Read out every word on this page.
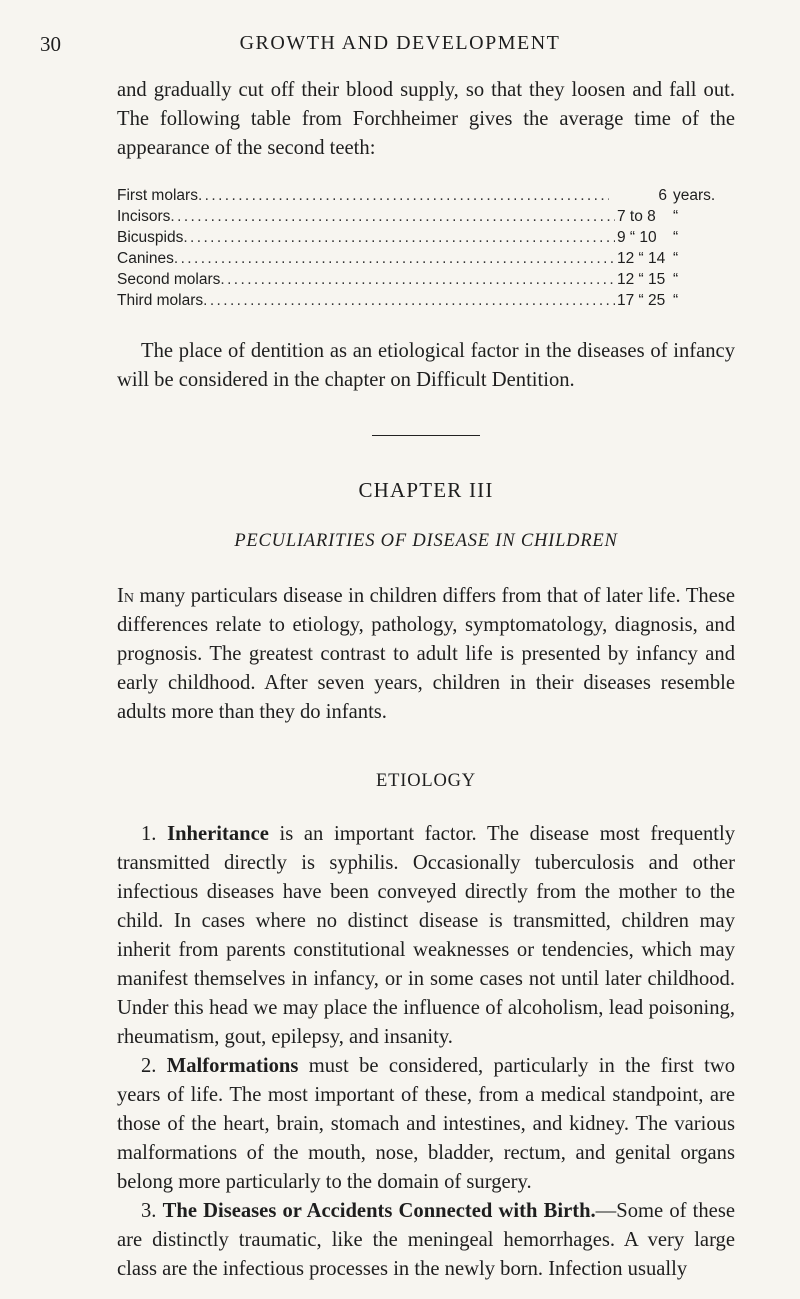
30	GROWTH AND DEVELOPMENT

and gradually cut off their blood supply, so that they loosen and fall out. The following table from Forchheimer gives the average time of the appearance of the second teeth:

First molars .....	6 years.
Incisors .....	7 to 8	“
Bicuspids .....	9 “ 10	“
Canines .....	12 “ 14 “
Second molars .....	12 “ 15 “
Third molars .....	17 “ 25 “

The place of dentition as an etiological factor in the diseases of infancy will be considered in the chapter on Difficult Dentition.

CHAPTER III
PECULIARITIES OF DISEASE IN CHILDREN

In many particulars disease in children differs from that of later life. These differences relate to etiology, pathology, symptomatology, diagnosis, and prognosis. The greatest contrast to adult life is presented by infancy and early childhood. After seven years, children in their diseases resemble adults more than they do infants.

ETIOLOGY

1. Inheritance is an important factor. The disease most frequently transmitted directly is syphilis. Occasionally tuberculosis and other infectious diseases have been conveyed directly from the mother to the child. In cases where no distinct disease is transmitted, children may inherit from parents constitutional weaknesses or tendencies, which may manifest themselves in infancy, or in some cases not until later childhood. Under this head we may place the influence of alcoholism, lead poisoning, rheumatism, gout, epilepsy, and insanity.

2. Malformations must be considered, particularly in the first two years of life. The most important of these, from a medical standpoint, are those of the heart, brain, stomach and intestines, and kidney. The various malformations of the mouth, nose, bladder, rectum, and genital organs belong more particularly to the domain of surgery.

3. The Diseases or Accidents Connected with Birth.—Some of these are distinctly traumatic, like the meningeal hemorrhages. A very large class are the infectious processes in the newly born. Infection usually
